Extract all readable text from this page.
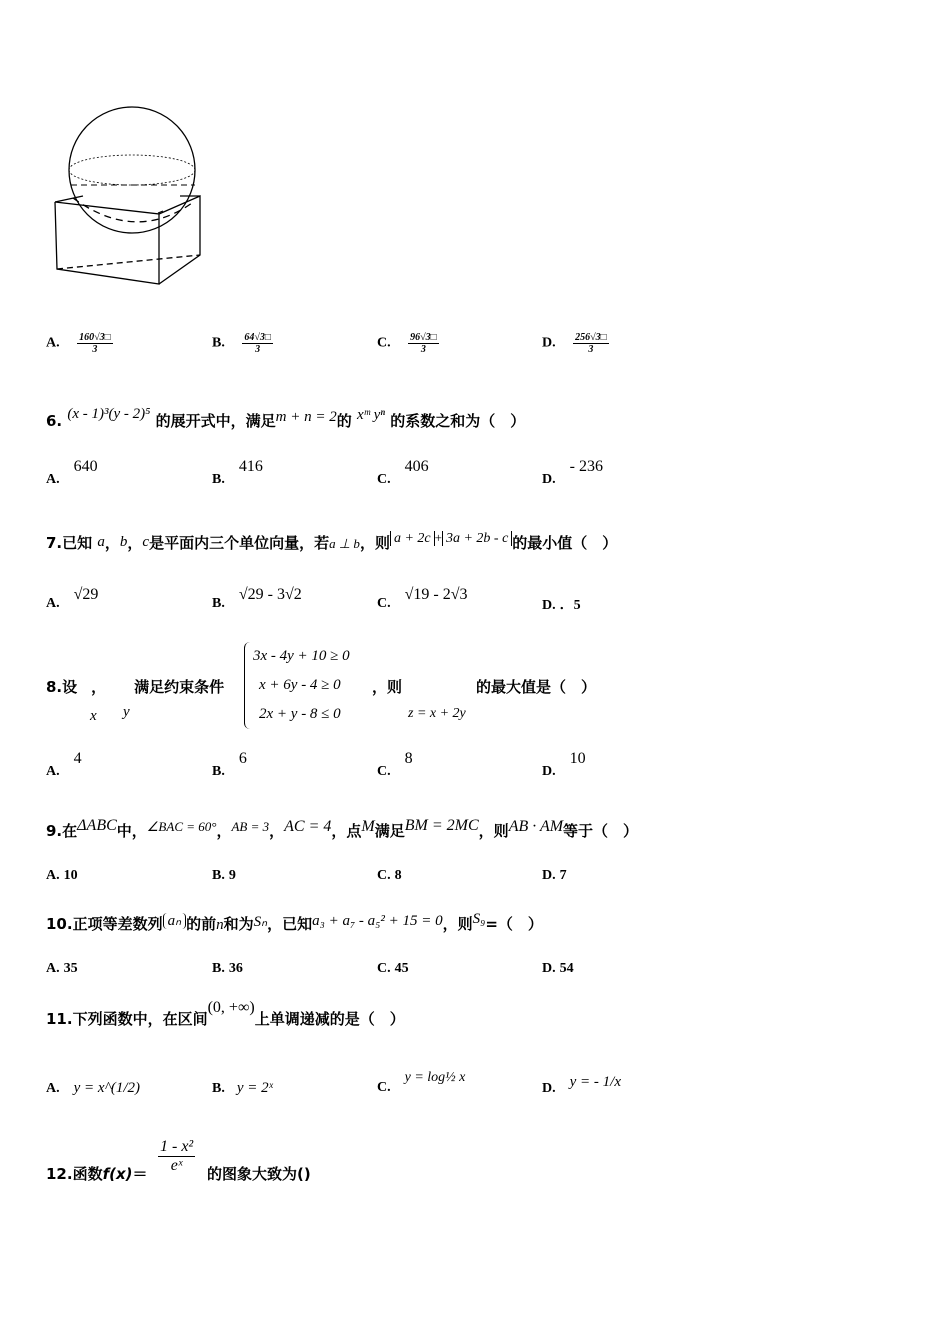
A. $\frac{160√3□}{3}$	B. $\frac{64√3□}{3}$	C. $\frac{96√3□}{3}$	D. $\frac{256√3□}{3}$
6. (x - 1)³(y - 2)⁵ 的展开式中，满足m + n = 2的 xᵐ yⁿ 的系数之和为（　）
A.640
B.416
C.406
D.- 236
7.已知 a，b，c是平面内三个单位向量，若a ⊥ b，则 a + 2c + 3a + 2b - c 的最小值（　）
A.√29
B.√29 - 3√2
C.√19 - 2√3
D. ．5
8.设 ， 满足约束条件
x y
3x - 4y + 10 ≥ 0
x + 6y - 4 ≥ 0
2x + y - 8 ≤ 0
，则	的最大值是（　）
z = x + 2y
A.4
B.6
C.8
D.10
9.在ΔABC中，∠BAC = 60°，AB = 3，AC = 4，点M满足BM = 2MC，则AB · AM等于（　）
A. 10	B. 9	C. 8	D. 7
10.正项等差数列 aₙ 的前n和为Sₙ，已知a₃ + a₇ - a₅² + 15 = 0，则S₉=（　）
A. 35	B. 36	C. 45	D. 54
11.下列函数中，在区间(0, +∞)上单调递减的是（　）
A. y = x^(1/2)	B. y = 2ˣ	C.y = log½ x
D. y = - 1/x
12.函数$f(x)= \frac{\text{1 - x²}}{\text{eˣ}}$ 的图象大致为()
